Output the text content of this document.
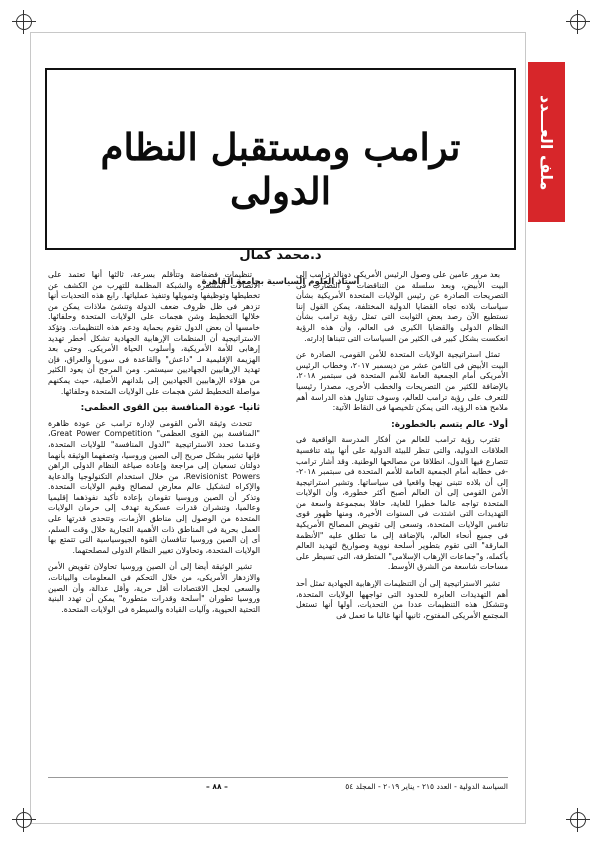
ملف العـــدد
ترامب ومستقبل النظام الدولى
د.محمد كمال
أستاذ العلوم السياسية بجامعة القاهرة

بعد مرور عامين على وصول الرئيس الأمريكى دونالد ترامب إلى البيت الأبيض، وبعد سلسلة من التناقضات و التضارب فى التصريحات الصادرة عن رئيس الولايات المتحدة الأمريكية بشأن سياسات بلاده تجاه القضايا الدولية المختلفة، يمكن القول إننا نستطيع الآن رصد بعض الثوابت التى تمثل رؤية ترامب بشأن النظام الدولى والقضايا الكبرى فى العالم، وأن هذه الرؤية انعكست بشكل كبير فى الكثير من السياسات التى تتبناها إدارته.

تمثل استراتيجية الولايات المتحدة للأمن القومى، الصادرة عن البيت الأبيض فى الثامن عشر من ديسمبر ٢٠١٧، وخطاب الرئيس الأمريكى أمام الجمعية العامة للأمم المتحدة فى سبتمبر ٢٠١٨، بالإضافة للكثير من التصريحات والخطب الأخرى، مصدرا رئيسيا للتعرف على رؤية ترامب للعالم، وسوف تتناول هذه الدراسة أهم ملامح هذه الرؤية، التى يمكن تلخيصها فى النقاط الآتية:

أولا- عالم يتسم بالخطورة:

تقترب رؤية ترامب للعالم من أفكار المدرسة الواقعية فى العلاقات الدولية، والتى تنظر للبيئة الدولية على أنها بيئة تنافسية تتصارع فيها الدول، انطلاقا من مصالحها الوطنية. وقد أشار ترامب -فى خطابه أمام الجمعية العامة للأمم المتحدة فى سبتمبر ٢٠١٨- إلى أن بلاده تتبنى نهجا واقعيا فى سياساتها. وتشير استراتيجية الأمن القومى إلى أن العالم أصبح أكثر خطورة، وأن الولايات المتحدة تواجه عالما خطيرا للغاية، حافلا بمجموعة واسعة من التهديدات التى اشتدت فى السنوات الأخيرة، ومنها ظهور قوى تنافس الولايات المتحدة، وتسعى إلى تقويض المصالح الأمريكية فى جميع أنحاء العالم، بالإضافة إلى ما تطلق عليه "الأنظمة المارقة" التى تقوم بتطوير أسلحة نووية وصواريخ لتهديد العالم بأكمله، و"جماعات الإرهاب الإسلامى" المتطرفة، التى تسيطر على مساحات شاسعة من الشرق الأوسط.

تشير الاستراتيجية إلى أن التنظيمات الإرهابية الجهادية تمثل أحد أهم التهديدات العابرة للحدود التى تواجهها الولايات المتحدة، وتتشكل هذه التنظيمات عددا من التحديات، أولها أنها تستغل المجتمع الأمريكى المفتوح، ثانيها أنها غالبا ما تعمل فى

تنظيمات فضفاضة وتتأقلم بسرعة، ثالثها أنها تعتمد على الاتصالات المشفرة والشبكة المظلمة للتهرب من الكشف عن تخطيطها وتوظيفها وتمويلها وتنفيذ عملياتها. رابع هذه التحديات أنها تزدهر فى ظل ظروف ضعف الدولة وتنشئ ملاذات يمكن من خلالها التخطيط وشن هجمات على الولايات المتحدة وحلفائها. خامسها أن بعض الدول تقوم بحماية ودعم هذه التنظيمات. وتؤكد الاستراتيجية أن المنظمات الإرهابية الجهادية تشكل أخطر تهديد إرهابى للأمة الأمريكية، وأسلوب الحياة الأمريكى. وحتى بعد الهزيمة الإقليمية لـ "داعش" والقاعدة فى سوريا والعراق، فإن تهديد الإرهابيين الجهاديين سيستمر. ومن المرجح أن يعود الكثير من هؤلاء الإرهابيين الجهاديين إلى بلدانهم الأصلية، حيث يمكنهم مواصلة التخطيط لشن هجمات على الولايات المتحدة وحلفائها.

ثانيا- عودة المنافسة بين القوى العظمى:

تتحدث وثيقة الأمن القومى لإدارة ترامب عن عودة ظاهرة "المنافسة بين القوى العظمى" Great Power Competition، وعندما تحدد الاستراتيجية "الدول المنافسة" للولايات المتحدة، فإنها تشير بشكل صريح إلى الصين وروسيا، وتصفهما الوثيقة بأنهما دولتان تسعيان إلى مراجعة وإعادة صياغة النظام الدولى الراهن Revisionist Powers، من خلال استخدام التكنولوجيا والدعاية والإكراه لتشكيل عالم معارض لمصالح وقيم الولايات المتحدة. وتذكر أن الصين وروسيا تقومان بإعادة تأكيد نفوذهما إقليميا وعالميا، وتنشران قدرات عسكرية تهدف إلى حرمان الولايات المتحدة من الوصول إلى مناطق الأزمات، وتتحدى قدرتها على العمل بحرية فى المناطق ذات الأهمية التجارية خلال وقت السلم، أى إن الصين وروسيا تنافسان القوة الجيوسياسية التى تتمتع بها الولايات المتحدة، وتحاولان تغيير النظام الدولى لمصلحتهما.

تشير الوثيقة أيضا إلى أن الصين وروسيا تحاولان تقويض الأمن والازدهار الأمريكى، من خلال التحكم فى المعلومات والبيانات، والسعى لجعل الاقتصادات أقل حرية، وأقل عدالة، وأن الصين وروسيا تطوران "أسلحة وقدرات متطورة" يمكن أن تهدد البنية التحتية الحيوية، وآليات القيادة والسيطرة فى الولايات المتحدة.

السياسة الدولية - العدد ٢١٥ - يناير ٢٠١٩ - المجلد ٥٤
– ٨٨ –
